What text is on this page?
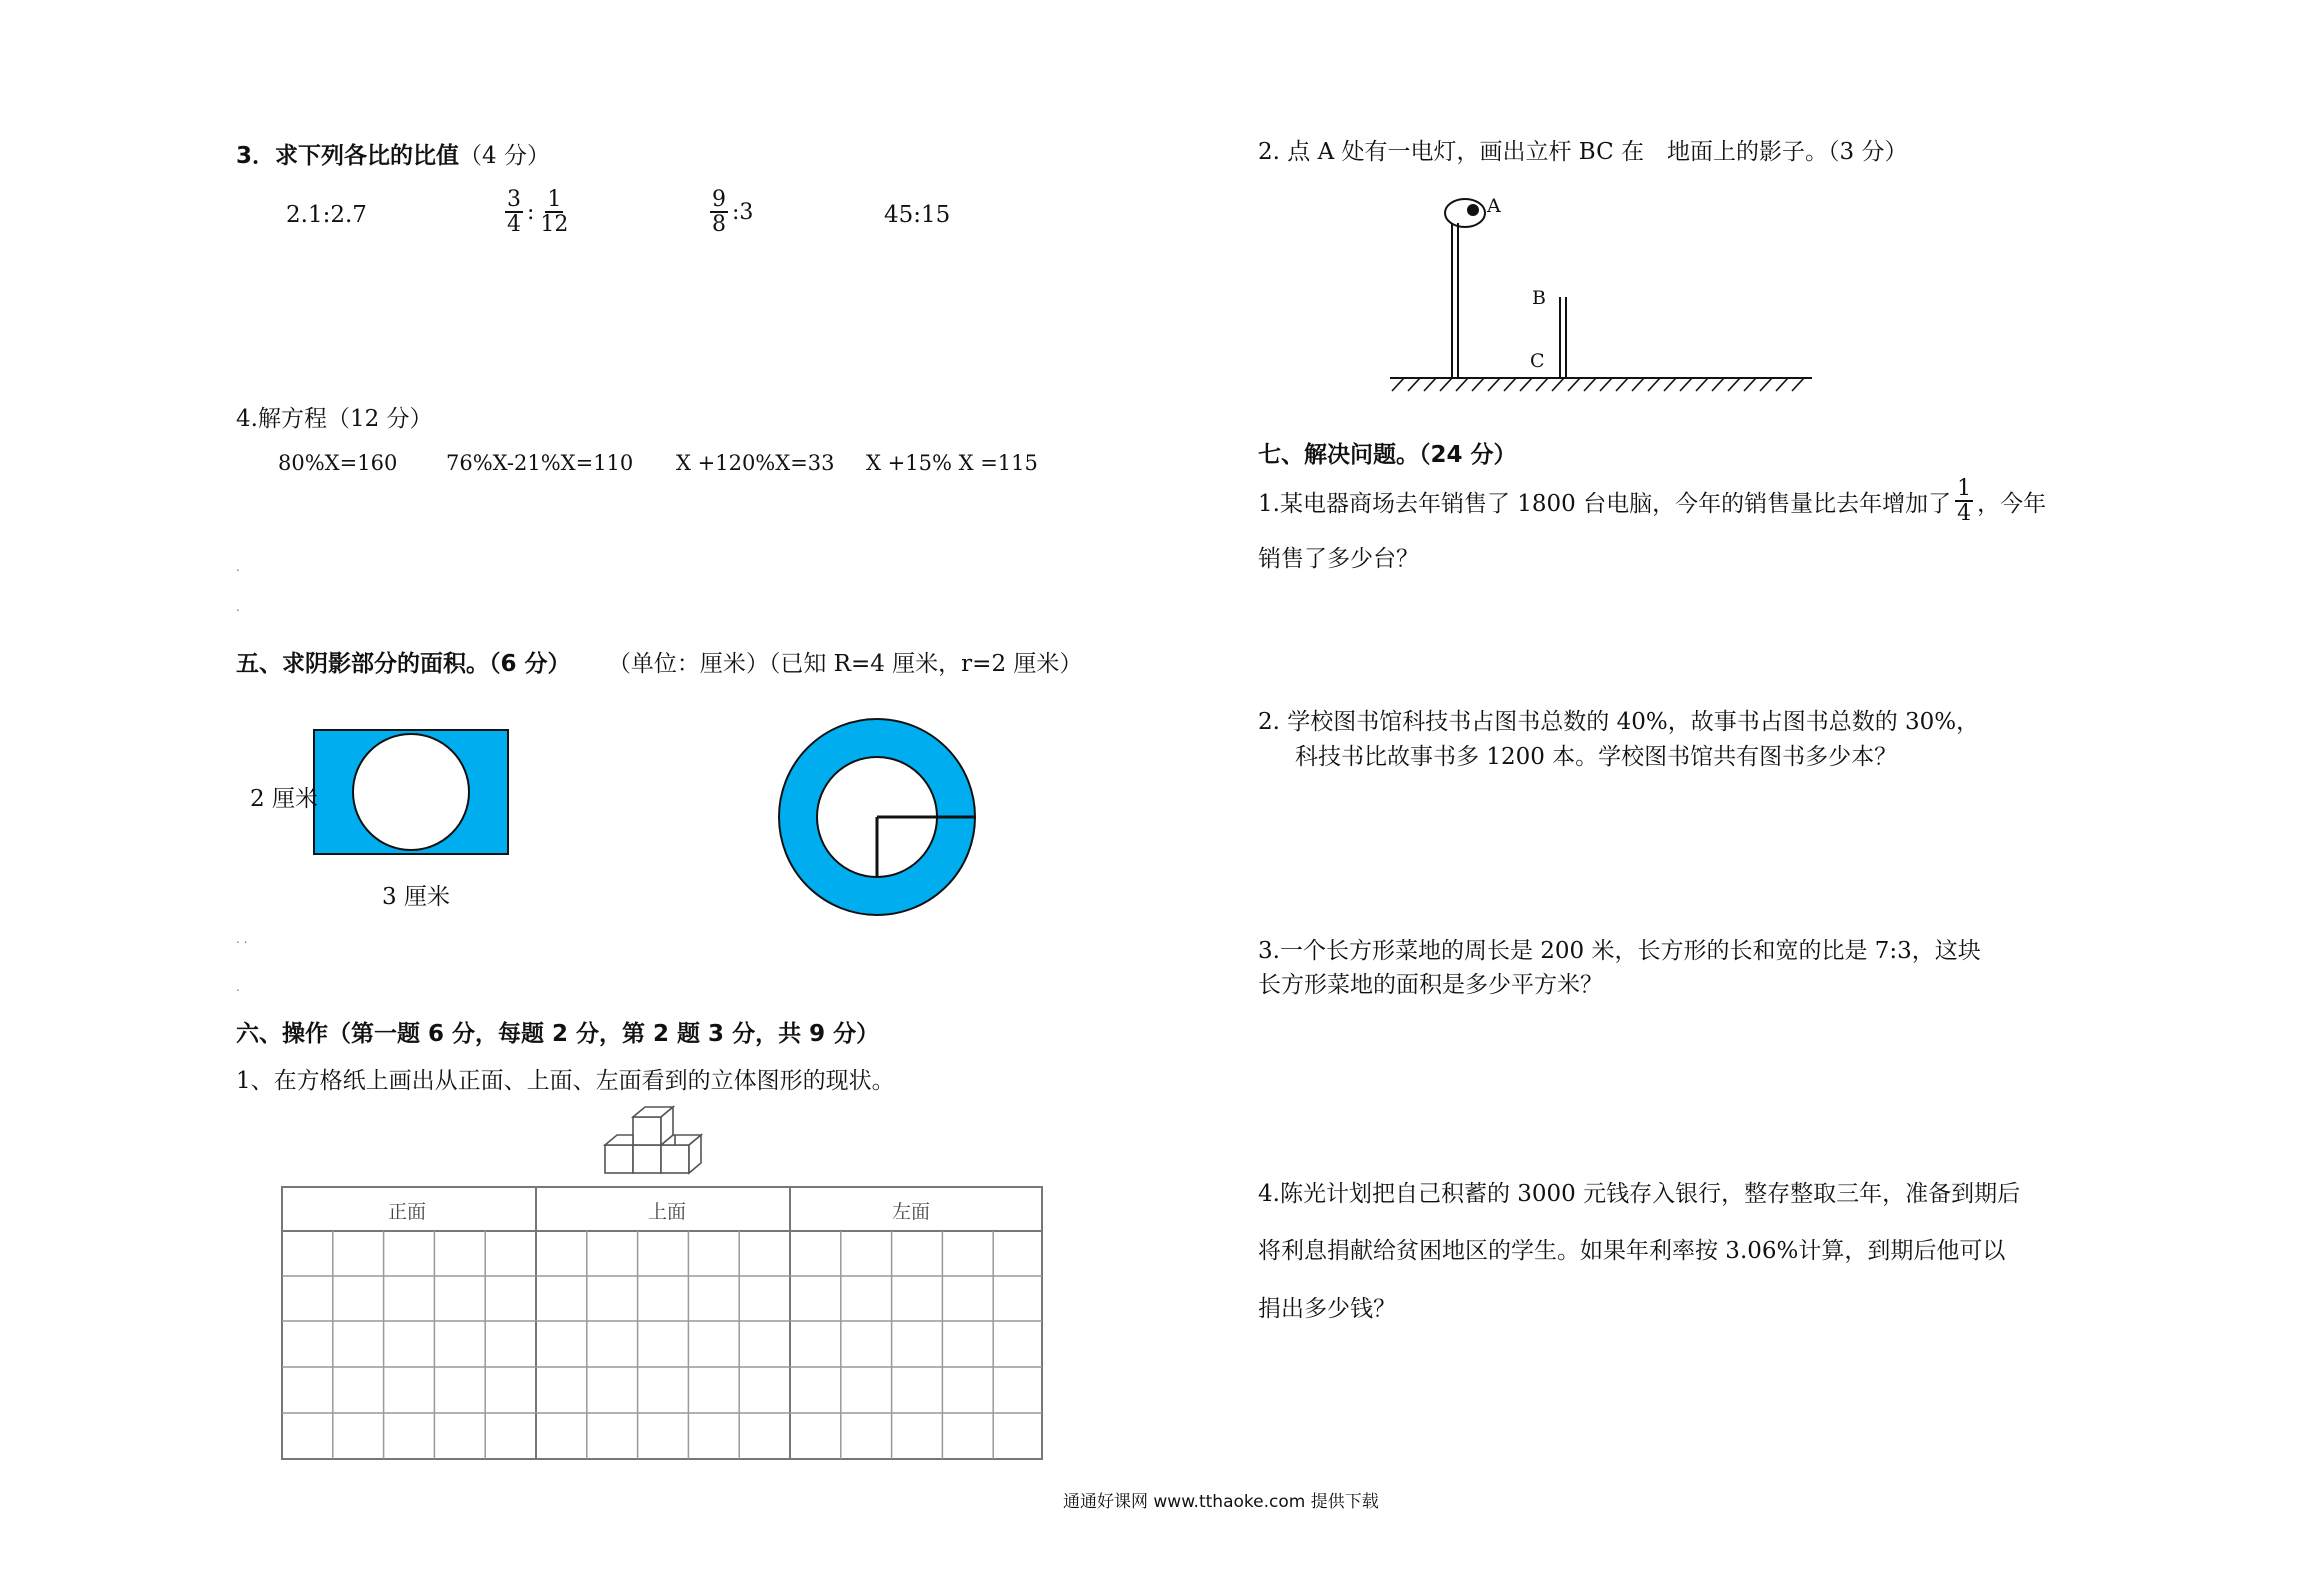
3．求下列各比的比值（4 分）
2.1:2.7	$\frac{3}{4}$ : $\frac{1}{12}$	$\frac{9}{8}$ :3	45:15
4.解方程（12 分）
80%X=160 76%X-21%X=110 X +120%X=33 X +15% X =115
五、求阴影部分的面积。（6 分） （单位：厘米）（已知 R=4 厘米，r=2 厘米）
2 厘米
3 厘米
.
.
. .
.
六、操作（第一题 6 分，每题 2 分，第 2 题 3 分，共 9 分）
1、在方格纸上画出从正面、上面、左面看到的立体图形的现状。
正面	上面	左面
2. 点 A 处有一电灯，画出立杆 BC 在　地面上的影子。（3 分）
A
B
C
七、解决问题。（24 分）
1.某电器商场去年销售了 1800 台电脑，今年的销售量比去年增加了 $\frac{1}{4}$ ，今年
销售了多少台？
2. 学校图书馆科技书占图书总数的 40%，故事书占图书总数的 30%，
科技书比故事书多 1200 本。学校图书馆共有图书多少本？
3.一个长方形菜地的周长是 200 米，长方形的长和宽的比是 7:3，这块
长方形菜地的面积是多少平方米？
4.陈光计划把自己积蓄的 3000 元钱存入银行，整存整取三年，准备到期后
将利息捐献给贫困地区的学生。如果年利率按 3.06%计算，到期后他可以
捐出多少钱？
通通好课网 www.tthaoke.com 提供下载
